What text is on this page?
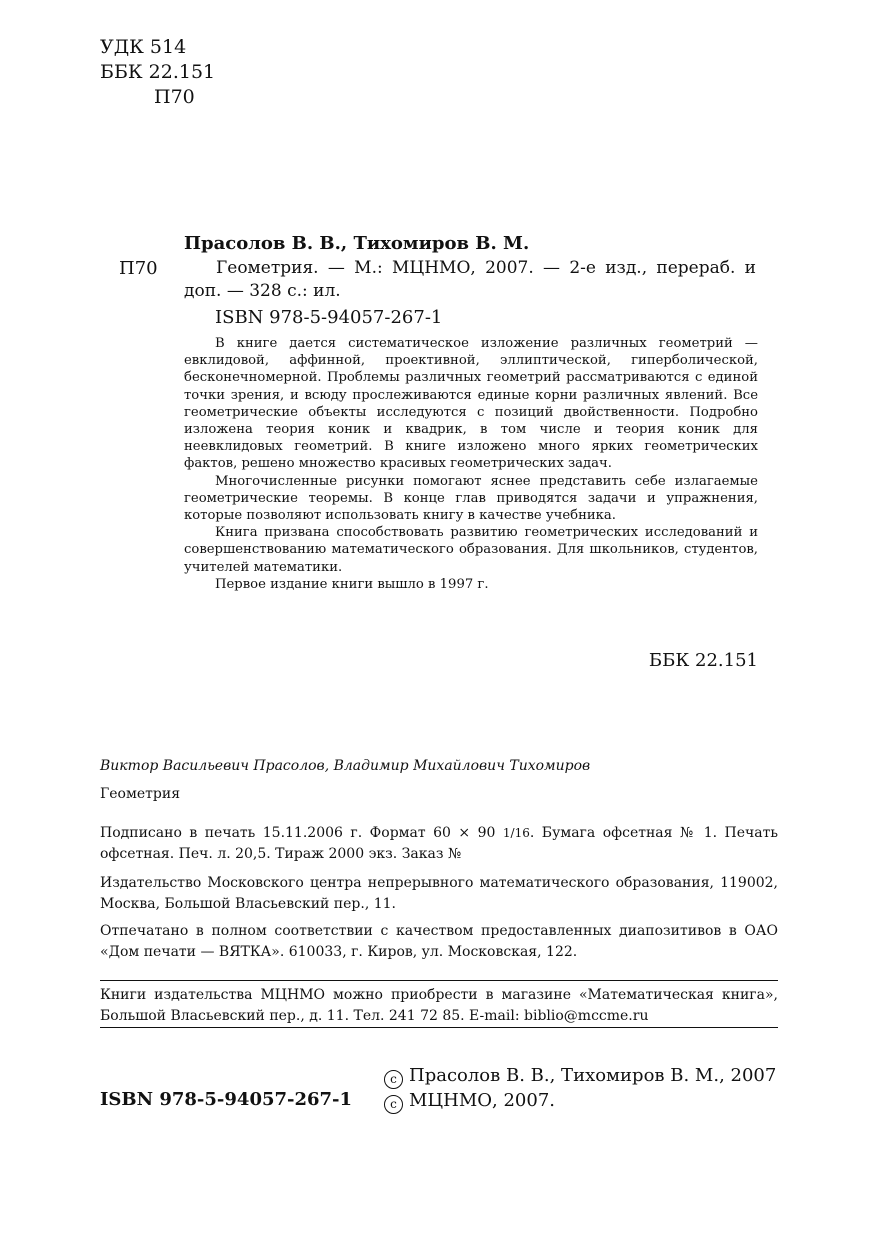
УДК 514
ББК 22.151
П70
Прасолов В. В., Тихомиров В. М.
П70	Геометрия. — М.: МЦНМО, 2007. — 2-е изд., перераб. и
доп. — 328 с.: ил.
ISBN 978-5-94057-267-1

В книге дается систематическое изложение различных геометрий — евклидовой, аффинной, проективной, эллиптической, гиперболической, бесконечномерной. Проблемы различных геометрий рассматриваются с единой точки зрения, и всюду прослеживаются единые корни различных явлений. Все геометрические объекты исследуются с позиций двойственности. Подробно изложена теория коник и квадрик, в том числе и теория коник для неевклидовых геометрий. В книге изложено много ярких геометрических фактов, решено множество красивых геометрических задач.

Многочисленные рисунки помогают яснее представить себе излагаемые геометрические теоремы. В конце глав приводятся задачи и упражнения, которые позволяют использовать книгу в качестве учебника.

Книга призвана способствовать развитию геометрических исследований и совершенствованию математического образования. Для школьников, студентов, учителей математики.

Первое издание книги вышло в 1997 г.

ББК 22.151
Виктор Васильевич Прасолов, Владимир Михайлович Тихомиров
Геометрия
Подписано в печать 15.11.2006 г. Формат 60 × 90 1/16. Бумага офсетная № 1. Печать офсетная. Печ. л. 20,5. Тираж 2000 экз. Заказ №
Издательство Московского центра непрерывного математического образования, 119002, Москва, Большой Власьевский пер., 11.
Отпечатано в полном соответствии с качеством предоставленных диапозитивов в ОАО «Дом печати — ВЯТКА». 610033, г. Киров, ул. Московская, 122.
Книги издательства МЦНМО можно приобрести в магазине «Математическая книга», Большой Власьевский пер., д. 11. Тел. 241 72 85. E-mail: biblio@mccme.ru
ISBN 978-5-94057-267-1
c Прасолов В. В., Тихомиров В. М., 2007
c МЦНМО, 2007.
